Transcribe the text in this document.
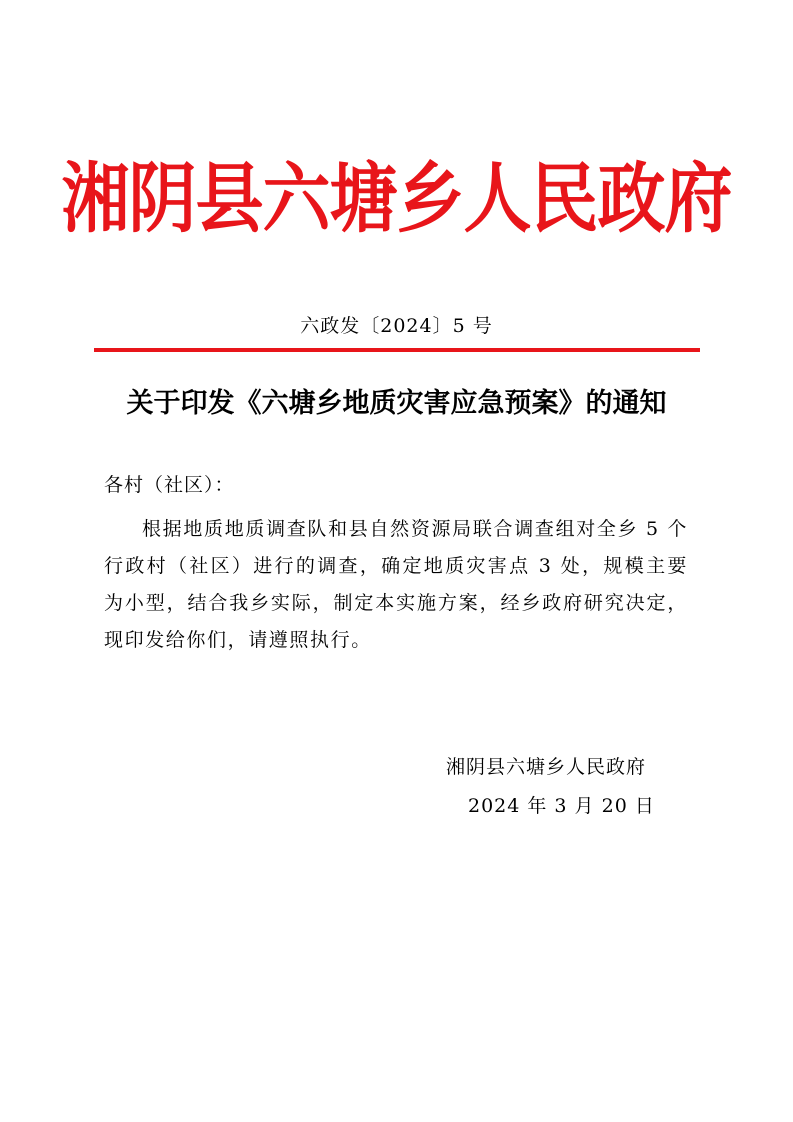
湘阴县六塘乡人民政府
六政发〔2024〕5 号
关于印发《六塘乡地质灾害应急预案》的通知
各村（社区）：
根据地质地质调查队和县自然资源局联合调查组对全乡 5 个行政村（社区）进行的调查，确定地质灾害点 3 处，规模主要为小型，结合我乡实际，制定本实施方案，经乡政府研究决定，现印发给你们，请遵照执行。
湘阴县六塘乡人民政府
2024 年 3 月 20 日
